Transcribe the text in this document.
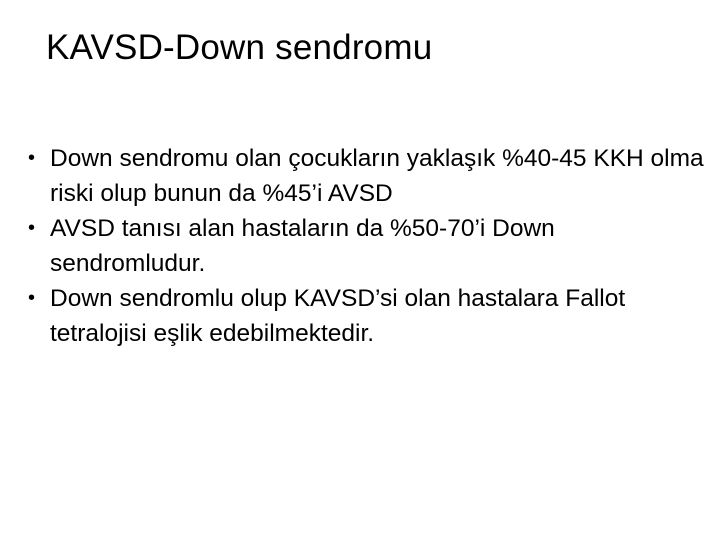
KAVSD-Down sendromu
• Down sendromu olan çocukların yaklaşık %40-45 KKH olma riski olup bunun da %45’i AVSD
• AVSD tanısı alan hastaların da %50-70’i Down sendromludur.
• Down sendromlu olup KAVSD’si olan hastalara Fallot tetralojisi eşlik edebilmektedir.
